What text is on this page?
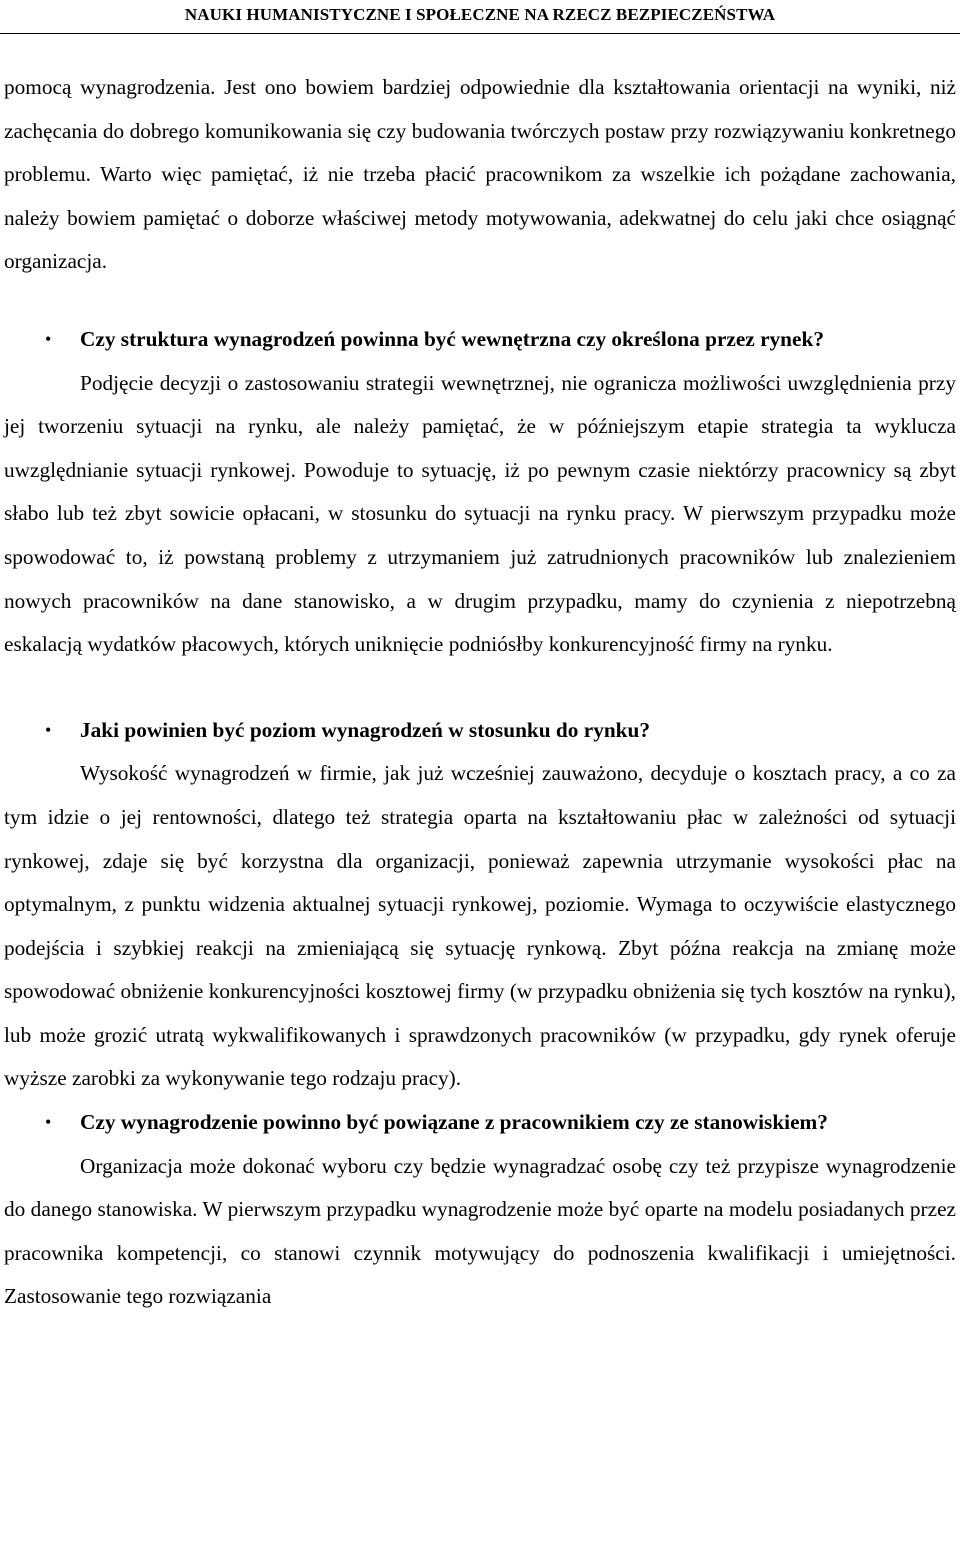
NAUKI HUMANISTYCZNE I SPOŁECZNE NA RZECZ BEZPIECZEŃSTWA

pomocą wynagrodzenia. Jest ono bowiem bardziej odpowiednie dla kształtowania orientacji na wyniki, niż zachęcania do dobrego komunikowania się czy budowania twórczych postaw przy rozwiązywaniu konkretnego problemu. Warto więc pamiętać, iż nie trzeba płacić pracownikom za wszelkie ich pożądane zachowania, należy bowiem pamiętać o doborze właściwej metody motywowania, adekwatnej do celu jaki chce osiągnąć organizacja.

• Czy struktura wynagrodzeń powinna być wewnętrzna czy określona przez rynek?

Podjęcie decyzji o zastosowaniu strategii wewnętrznej, nie ogranicza możliwości uwzględnienia przy jej tworzeniu sytuacji na rynku, ale należy pamiętać, że w późniejszym etapie strategia ta wyklucza uwzględnianie sytuacji rynkowej. Powoduje to sytuację, iż po pewnym czasie niektórzy pracownicy są zbyt słabo lub też zbyt sowicie opłacani, w stosunku do sytuacji na rynku pracy. W pierwszym przypadku może spowodować to, iż powstaną problemy z utrzymaniem już zatrudnionych pracowników lub znalezieniem nowych pracowników na dane stanowisko, a w drugim przypadku, mamy do czynienia z niepotrzebną eskalacją wydatków płacowych, których uniknięcie podniósłby konkurencyjność firmy na rynku.

• Jaki powinien być poziom wynagrodzeń w stosunku do rynku?

Wysokość wynagrodzeń w firmie, jak już wcześniej zauważono, decyduje o kosztach pracy, a co za tym idzie o jej rentowności, dlatego też strategia oparta na kształtowaniu płac w zależności od sytuacji rynkowej, zdaje się być korzystna dla organizacji, ponieważ zapewnia utrzymanie wysokości płac na optymalnym, z punktu widzenia aktualnej sytuacji rynkowej, poziomie. Wymaga to oczywiście elastycznego podejścia i szybkiej reakcji na zmieniającą się sytuację rynkową. Zbyt późna reakcja na zmianę może spowodować obniżenie konkurencyjności kosztowej firmy (w przypadku obniżenia się tych kosztów na rynku), lub może grozić utratą wykwalifikowanych i sprawdzonych pracowników (w przypadku, gdy rynek oferuje wyższe zarobki za wykonywanie tego rodzaju pracy).

• Czy wynagrodzenie powinno być powiązane z pracownikiem czy ze stanowiskiem?

Organizacja może dokonać wyboru czy będzie wynagradzać osobę czy też przypisze wynagrodzenie do danego stanowiska. W pierwszym przypadku wynagrodzenie może być oparte na modelu posiadanych przez pracownika kompetencji, co stanowi czynnik motywujący do podnoszenia kwalifikacji i umiejętności. Zastosowanie tego rozwiązania
